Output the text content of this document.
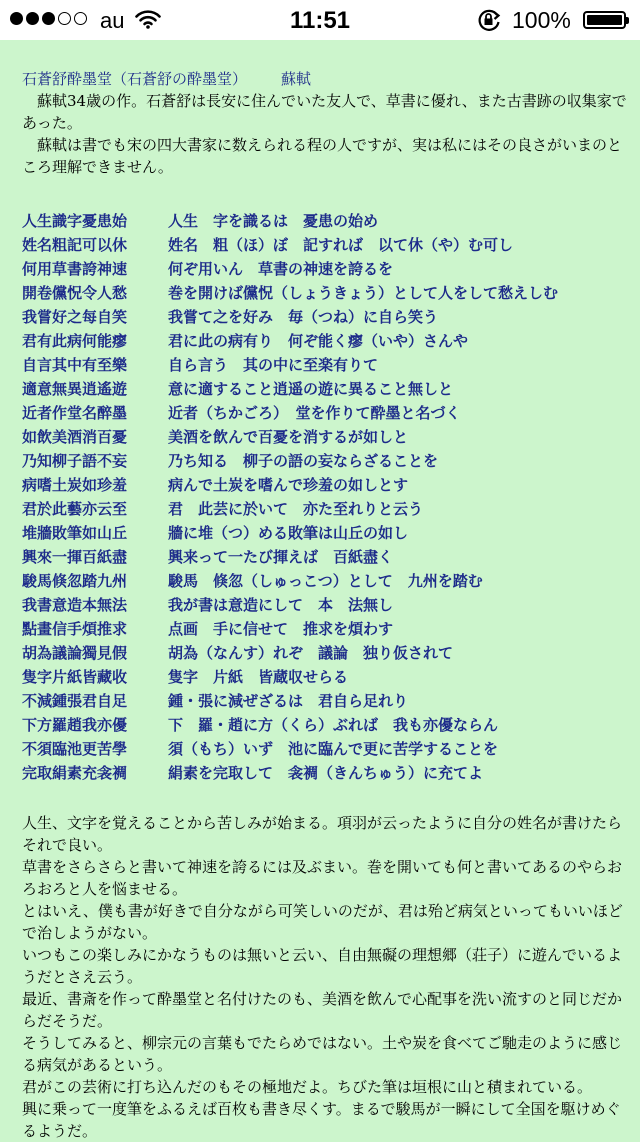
au	11:51	100%
石蒼舒酔墨堂（石蒼舒の酔墨堂） 蘇軾

蘇軾34歳の作。石蒼舒は長安に住んでいた友人で、草書に優れ、また古書跡の収集家であった。

蘇軾は書でも宋の四大書家に数えられる程の人ですが、実は私にはその良さがいまのところ理解できません。

人生識字憂患始	人生　字を識るは　憂患の始め
姓名粗記可以休	姓名　粗（ほ）ぼ　記すれば　以て休（や）む可し
何用草書誇神速	何ぞ用いん　草書の神速を誇るを
開卷儻怳令人愁	巻を開けば儻怳（しょうきょう）として人をして愁えしむ
我嘗好之每自笑	我嘗て之を好み　毎（つね）に自ら笑う
君有此病何能瘳	君に此の病有り　何ぞ能く瘳（いや）さんや
自言其中有至樂	自ら言う　其の中に至楽有りて
適意無異逍遙遊	意に適すること逍遥の遊に異ること無しと
近者作堂名醉墨	近者（ちかごろ）　堂を作りて酔墨と名づく
如飲美酒消百憂	美酒を飲んで百憂を消するが如しと
乃知柳子語不妄	乃ち知る　柳子の語の妄ならざることを
病嗜土炭如珍羞	病んで土炭を嗜んで珍羞の如しとす
君於此藝亦云至	君　此芸に於いて　亦た至れりと云う
堆牆敗筆如山丘	牆に堆（つ）める敗筆は山丘の如し
興來一揮百紙盡	興来って一たび揮えば　百紙盡く
駿馬倏忽踏九州	駿馬　倏忽（しゅっこつ）として　九州を踏む
我書意造本無法	我が書は意造にして　本　法無し
點畫信手煩推求	点画　手に信せて　推求を煩わす
胡為議論獨見假	胡為（なんす）れぞ　議論　独り仮されて
隻字片紙皆藏收	隻字　片紙　皆蔵収せらる
不減鍾張君自足	鍾・張に減ぜざるは　君自ら足れり
下方羅趙我亦優	下　羅・趙に方（くら）ぶれば　我も亦優ならん
不須臨池更苦學	須（もち）いず　池に臨んで更に苦学することを
完取絹素充衾裯	絹素を完取して　衾裯（きんちゅう）に充てよ

人生、文字を覚えることから苦しみが始まる。項羽が云ったように自分の姓名が書けたらそれで良い。

草書をさらさらと書いて神速を誇るには及ぶまい。巻を開いても何と書いてあるのやらおろおろと人を悩ませる。

とはいえ、僕も書が好きで自分ながら可笑しいのだが、君は殆ど病気といってもいいほどで治しようがない。

いつもこの楽しみにかなうものは無いと云い、自由無礙の理想郷（荘子）に遊んでいるようだとさえ云う。

最近、書斎を作って酔墨堂と名付けたのも、美酒を飲んで心配事を洗い流すのと同じだからだそうだ。

そうしてみると、柳宗元の言葉もでたらめではない。土や炭を食べてご馳走のように感じる病気があるという。

君がこの芸術に打ち込んだのもその極地だよ。ちびた筆は垣根に山と積まれている。

興に乗って一度筆をふるえば百枚も書き尽くす。まるで駿馬が一瞬にして全国を駆けめぐるようだ。
